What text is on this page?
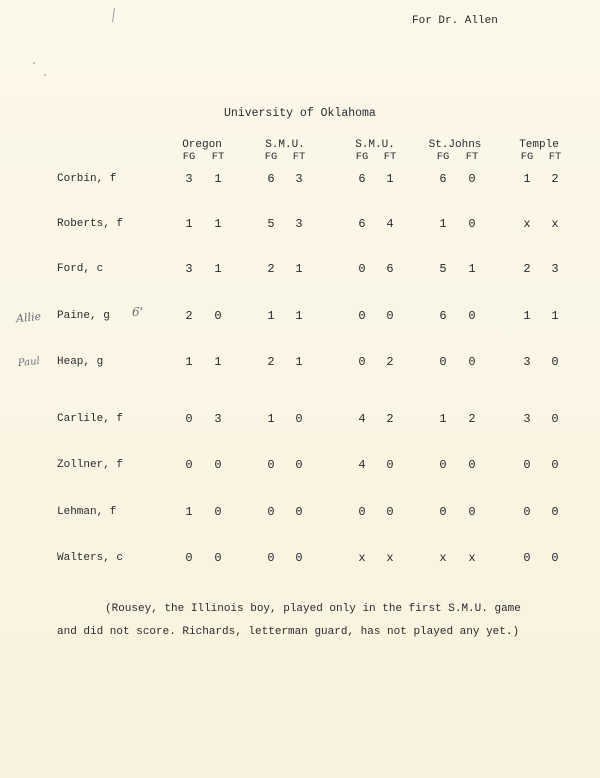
For Dr. Allen
University of Oklahoma
Oregon
FG FT
S.M.U.
FG FT
S.M.U.
FG FT
St.Johns
FG FT
Temple
FG FT
Corbin, f	3 1	6 3	6 1	6 0	1 2
Roberts, f	1 1	5 3	6 4	1 0	x x
Ford, c	3 1	2 1	0 6	5 1	2 3
Paine, g	2 0	1 1	0 0	6 0	1 1
Heap, g	1 1	2 1	0 2	0 0	3 0
Carlile, f	0 3	1 0	4 2	1 2	3 0
Zollner, f	0 0	0 0	4 0	0 0	0 0
Lehman, f	1 0	0 0	0 0	0 0	0 0
Walters, c	0 0	0 0	x x	x x	0 0
Allie	6'
Paul
(Rousey, the Illinois boy, played only in the first S.M.U. game
and did not score. Richards, letterman guard, has not played any yet.)
